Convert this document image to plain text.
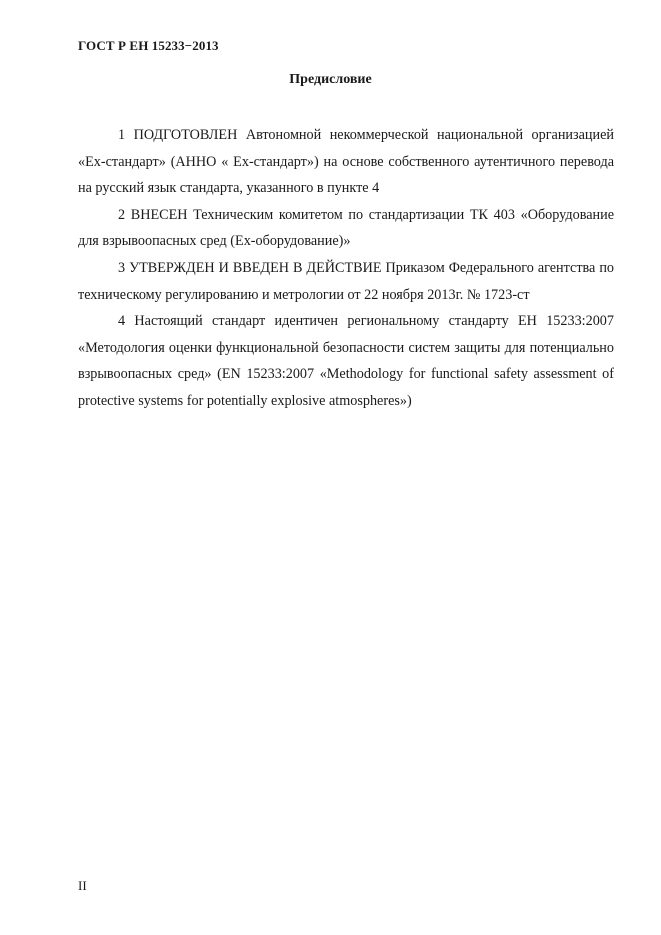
ГОСТ Р ЕН 15233−2013
Предисловие

1 ПОДГОТОВЛЕН Автономной некоммерческой национальной организацией «Ех-стандарт» (АННО « Ех-стандарт») на основе собственного аутентичного перевода на русский язык стандарта, указанного в пункте 4

2 ВНЕСЕН Техническим комитетом по стандартизации ТК 403 «Оборудование для взрывоопасных сред (Ех-оборудование)»

3 УТВЕРЖДЕН И ВВЕДЕН В ДЕЙСТВИЕ Приказом Федерального агентства по техническому регулированию и метрологии от 22 ноября 2013г. № 1723-ст

4 Настоящий стандарт идентичен региональному стандарту ЕН 15233:2007 «Методология оценки функциональной безопасности систем защиты для потенциально взрывоопасных сред» (EN 15233:2007 «Methodology for functional safety assessment of protective systems for potentially explosive atmospheres»)

II
